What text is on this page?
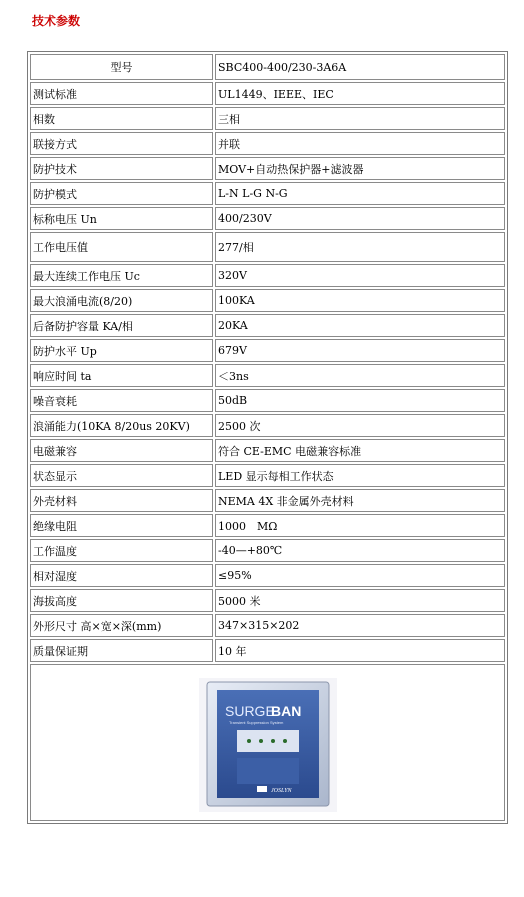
技术参数
型号	SBC400-400/230-3A6A
测试标准	UL1449、IEEE、IEC
相数	三相
联接方式	并联
防护技术	MOV+自动热保护器+滤波器
防护模式	L-N L-G N-G
标称电压 Un	400/230V
工作电压值	277/相
最大连续工作电压 Uc	320V
最大浪涌电流(8/20)	100KA
后备防护容量 KA/相	20KA
防护水平 Up	679V
响应时间 ta	＜3ns
噪音衰耗	50dB
浪涌能力(10KA 8/20us 20KV)	2500 次
电磁兼容	符合 CE-EMC 电磁兼容标准
状态显示	LED 显示每相工作状态
外壳材料	NEMA 4X 非金属外壳材料
绝缘电阻	1000　MΩ
工作温度	-40—+80℃
相对湿度	≤95%
海拔高度	5000 米
外形尺寸 高×宽×深(mm)	347×315×202
质量保证期	10 年

SURGE
BAN
Transient Suppression System
JOSLYN	
